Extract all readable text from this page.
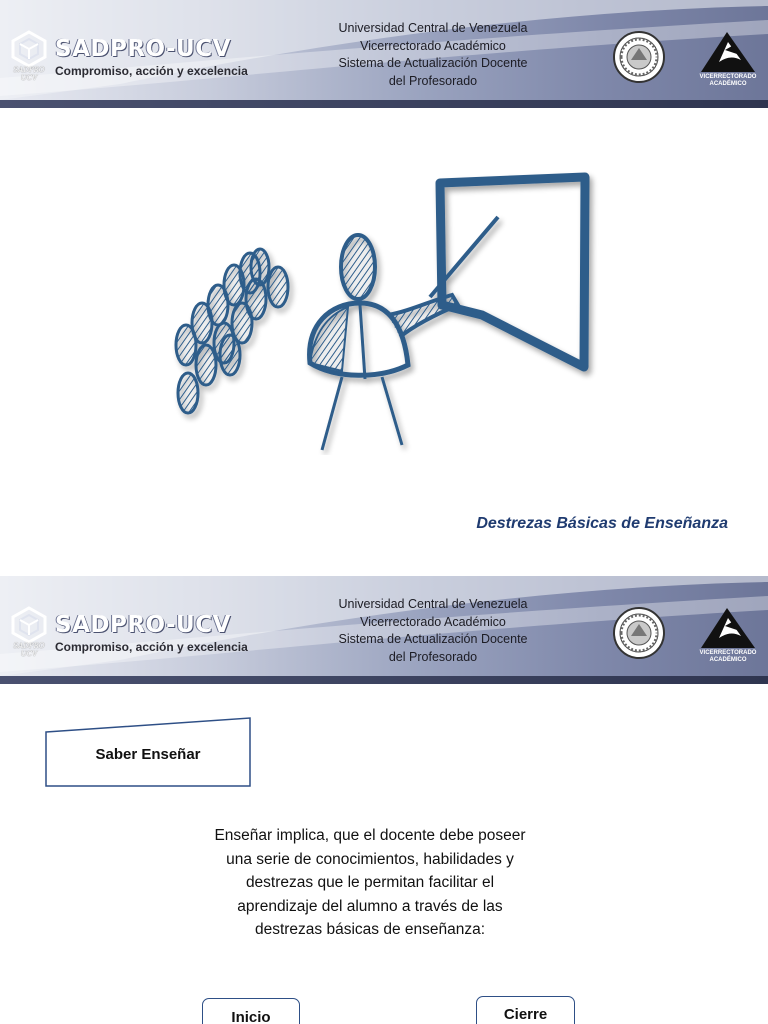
SADPRO UCV
SADPRO-UCV
Compromiso, acción y excelencia
Universidad Central de Venezuela
Vicerrectorado Académico
Sistema de Actualización Docente
del Profesorado	VICERRECTORADO ACADÉMICO
Destrezas Básicas de Enseñanza
SADPRO UCV
SADPRO-UCV
Compromiso, acción y excelencia
Universidad Central de Venezuela
Vicerrectorado Académico
Sistema de Actualización Docente
del Profesorado	VICERRECTORADO ACADÉMICO
Saber Enseñar
Enseñar implica, que el docente debe poseer
una serie de conocimientos, habilidades y
destrezas que le permitan facilitar el
aprendizaje del alumno a través de las
destrezas básicas de enseñanza:
Inicio	Cierre
